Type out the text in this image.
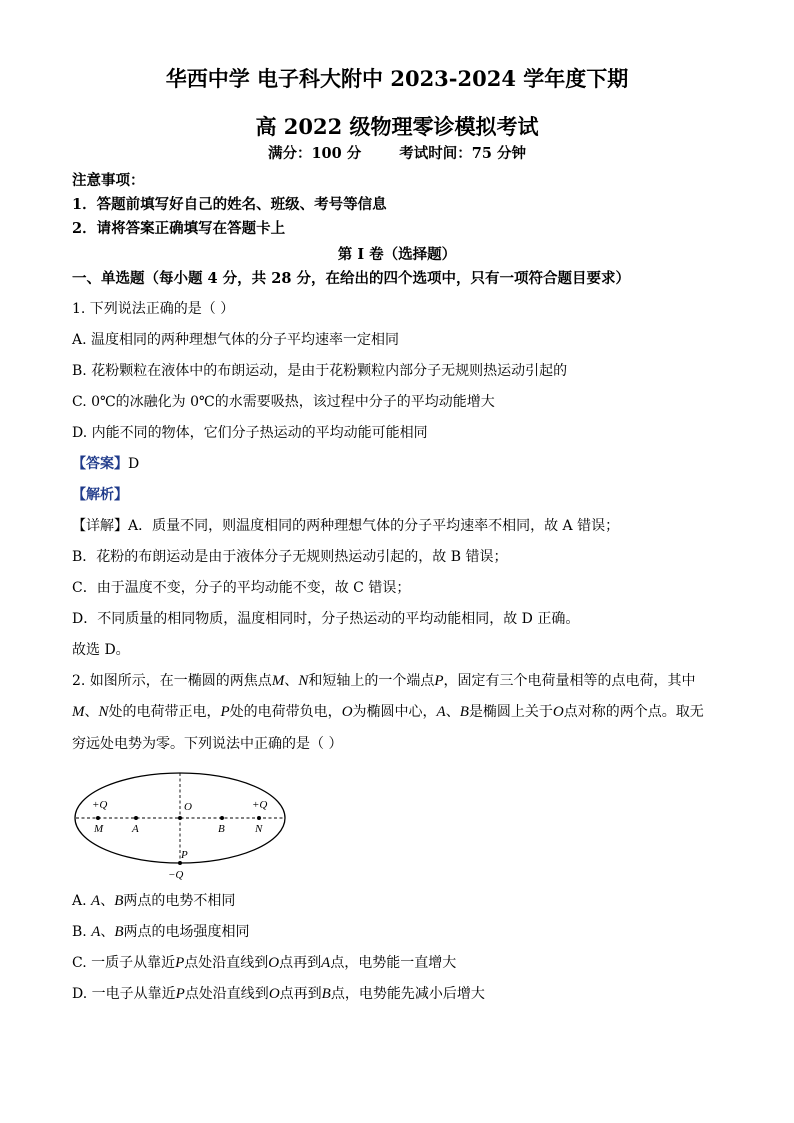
华西中学 电子科大附中 2023-2024 学年度下期
高 2022 级物理零诊模拟考试
满分：100 分	考试时间：75 分钟
注意事项：
1．答题前填写好自己的姓名、班级、考号等信息
2．请将答案正确填写在答题卡上
第 I 卷（选择题）
一、单选题（每小题 4 分，共 28 分，在给出的四个选项中，只有一项符合题目要求）
1. 下列说法正确的是（ ）
A. 温度相同的两种理想气体的分子平均速率一定相同
B. 花粉颗粒在液体中的布朗运动，是由于花粉颗粒内部分子无规则热运动引起的
C. 0℃的冰融化为 0℃的水需要吸热，该过程中分子的平均动能增大
D. 内能不同的物体，它们分子热运动的平均动能可能相同
【答案】D
【解析】
【详解】A．质量不同，则温度相同的两种理想气体的分子平均速率不相同，故 A 错误；
B．花粉的布朗运动是由于液体分子无规则热运动引起的，故 B 错误；
C．由于温度不变，分子的平均动能不变，故 C 错误；
D．不同质量的相同物质，温度相同时，分子热运动的平均动能相同，故 D 正确。
故选 D。
2. 如图所示，在一椭圆的两焦点M、N和短轴上的一个端点P，固定有三个电荷量相等的点电荷，其中
M、N处的电荷带正电，P处的电荷带负电，O为椭圆中心，A、B是椭圆上关于O点对称的两个点。取无
穷远处电势为零。下列说法中正确的是（ ）
+Q	+Q
O
M	A	B	N
P
−Q
A. A、B两点的电势不相同
B. A、B两点的电场强度相同
C. 一质子从靠近P点处沿直线到O点再到A点，电势能一直增大
D. 一电子从靠近P点处沿直线到O点再到B点，电势能先减小后增大
